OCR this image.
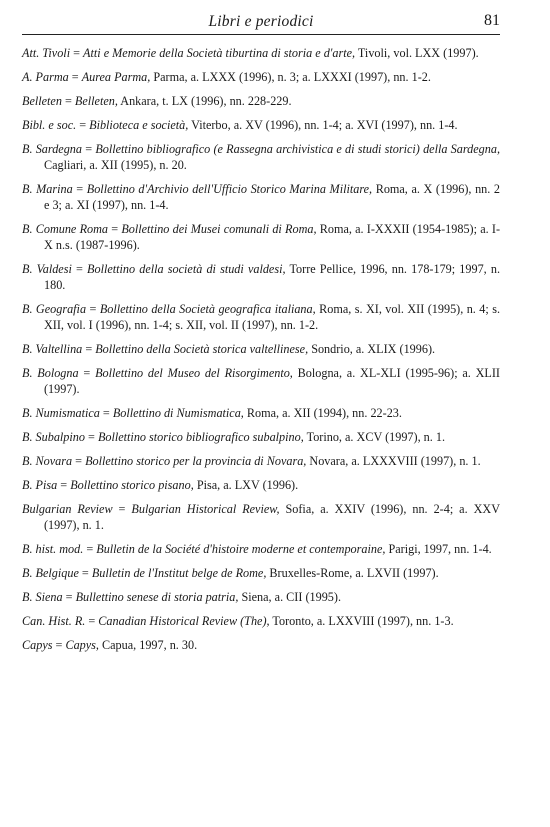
Libri e periodici	81

Att. Tivoli = Atti e Memorie della Società tiburtina di storia e d'arte, Tivoli, vol. LXX (1997).

A. Parma = Aurea Parma, Parma, a. LXXX (1996), n. 3; a. LXXXI (1997), nn. 1-2.

Belleten = Belleten, Ankara, t. LX (1996), nn. 228-229.

Bibl. e soc. = Biblioteca e società, Viterbo, a. XV (1996), nn. 1-4; a. XVI (1997), nn. 1-4.

B. Sardegna = Bollettino bibliografico (e Rassegna archivistica e di studi storici) della Sardegna, Cagliari, a. XII (1995), n. 20.

B. Marina = Bollettino d'Archivio dell'Ufficio Storico Marina Militare, Roma, a. X (1996), nn. 2 e 3; a. XI (1997), nn. 1-4.

B. Comune Roma = Bollettino dei Musei comunali di Roma, Roma, a. I-XXXII (1954-1985); a. I-X n.s. (1987-1996).

B. Valdesi = Bollettino della società di studi valdesi, Torre Pellice, 1996, nn. 178-179; 1997, n. 180.

B. Geografia = Bollettino della Società geografica italiana, Roma, s. XI, vol. XII (1995), n. 4; s. XII, vol. I (1996), nn. 1-4; s. XII, vol. II (1997), nn. 1-2.

B. Valtellina = Bollettino della Società storica valtellinese, Sondrio, a. XLIX (1996).

B. Bologna = Bollettino del Museo del Risorgimento, Bologna, a. XL-XLI (1995-96); a. XLII (1997).

B. Numismatica = Bollettino di Numismatica, Roma, a. XII (1994), nn. 22-23.

B. Subalpino = Bollettino storico bibliografico subalpino, Torino, a. XCV (1997), n. 1.

B. Novara = Bollettino storico per la provincia di Novara, Novara, a. LXXXVIII (1997), n. 1.

B. Pisa = Bollettino storico pisano, Pisa, a. LXV (1996).

Bulgarian Review = Bulgarian Historical Review, Sofia, a. XXIV (1996), nn. 2-4; a. XXV (1997), n. 1.

B. hist. mod. = Bulletin de la Société d'histoire moderne et contemporaine, Parigi, 1997, nn. 1-4.

B. Belgique = Bulletin de l'Institut belge de Rome, Bruxelles-Rome, a. LXVII (1997).

B. Siena = Bullettino senese di storia patria, Siena, a. CII (1995).

Can. Hist. R. = Canadian Historical Review (The), Toronto, a. LXXVIII (1997), nn. 1-3.

Capys = Capys, Capua, 1997, n. 30.
